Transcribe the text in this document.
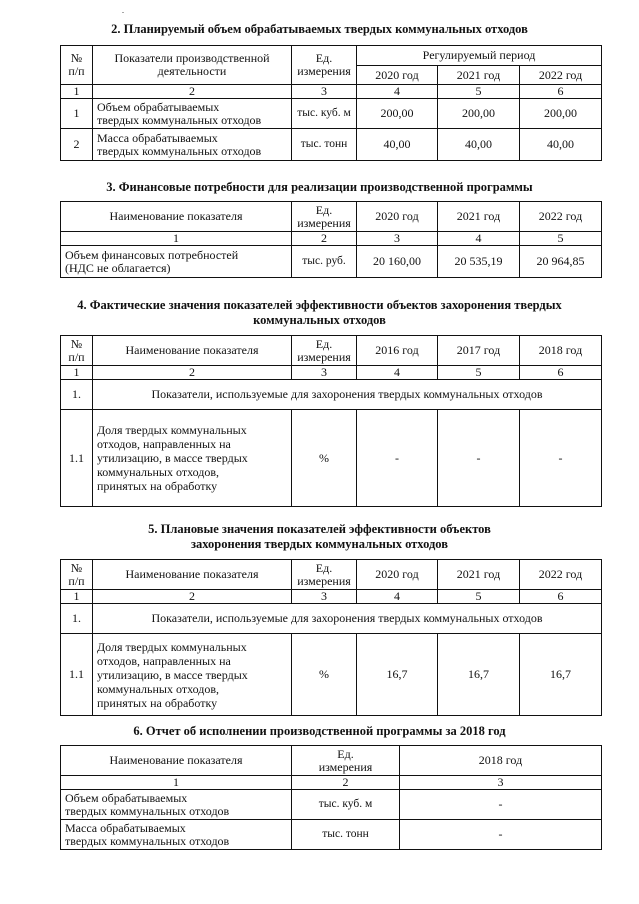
.
2. Планируемый объем обрабатываемых твердых коммунальных отходов
№
п/п	Показатели производственной
деятельности	Ед.
измерения	Регулируемый период		
			2020 год	2021 год	2022 год
1	2	3	4	5	6
1	Объем обрабатываемых
твердых коммунальных отходов	тыс. куб. м	200,00	200,00	200,00
2	Масса обрабатываемых
твердых коммунальных отходов	тыс. тонн	40,00	40,00	40,00
3. Финансовые потребности для реализации производственной программы
Наименование показателя	Ед.
измерения	2020 год	2021 год	2022 год
1	2	3	4	5
Объем финансовых потребностей
(НДС не облагается)	тыс. руб.	20 160,00	20 535,19	20 964,85
4. Фактические значения показателей эффективности объектов захоронения твердых
коммунальных отходов
№
п/п	Наименование показателя	Ед.
измерения	2016 год	2017 год	2018 год
1	2	3	4	5	6
1.	Показатели, используемые для захоронения твердых коммунальных отходов				
1.1	Доля твердых коммунальных
отходов, направленных на
утилизацию, в массе твердых
коммунальных отходов,
принятых на обработку	%	-	-	-
5. Плановые значения показателей эффективности объектов
захоронения твердых коммунальных отходов
№
п/п	Наименование показателя	Ед.
измерения	2020 год	2021 год	2022 год
1	2	3	4	5	6
1.	Показатели, используемые для захоронения твердых коммунальных отходов				
1.1	Доля твердых коммунальных
отходов, направленных на
утилизацию, в массе твердых
коммунальных отходов,
принятых на обработку	%	16,7	16,7	16,7
6. Отчет об исполнении производственной программы за 2018 год
Наименование показателя	Ед.
измерения	2018 год
1	2	3
Объем обрабатываемых
твердых коммунальных отходов	тыс. куб. м	-
Масса обрабатываемых
твердых коммунальных отходов	тыс. тонн	-
